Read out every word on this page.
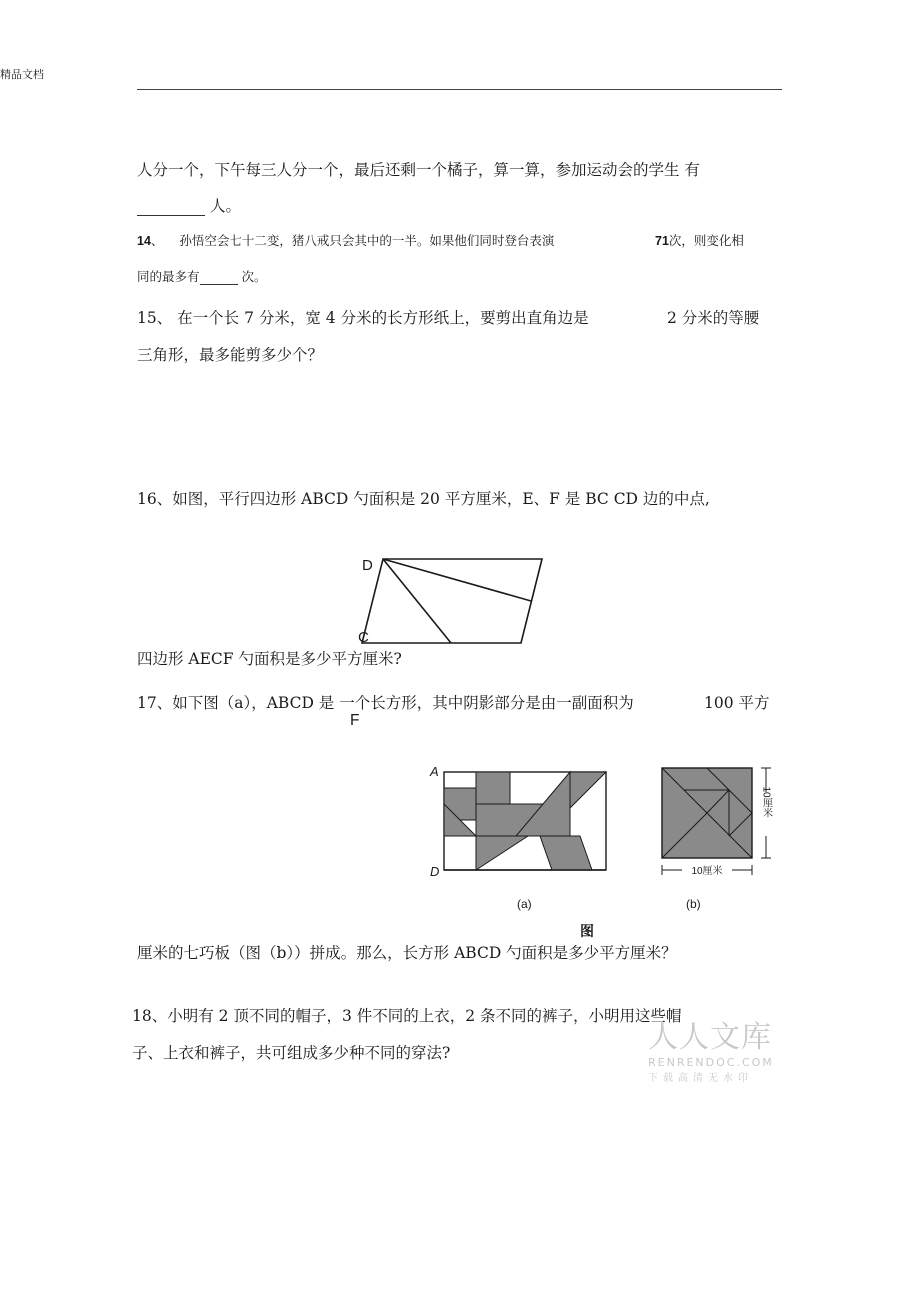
精品文档
人分一个，下午每三人分一个，最后还剩一个橘子，算一算，参加运动会的学生 有
人。
14、 孙悟空会七十二变，猪八戒只会其中的一半。如果他们同时登台表演	71次，则变化相
同的最多有	次。
15、 在一个长 7 分米，宽 4 分米的长方形纸上，要剪出直角边是	2 分米的等腰
三角形，最多能剪多少个？
16、如图，平行四边形 ABCD 勺面积是 20 平方厘米，E、F 是 BC CD 边的中点,
D
C
四边形 AECF 勺面积是多少平方厘米?
17、如下图（a），ABCD 是 一个长方形，其中阴影部分是由一副面积为	100 平方
F
A
D
(a)
10厘米
10厘米
(b)
图
厘米的七巧板（图（b））拼成。那么，长方形 ABCD 勺面积是多少平方厘米？
18、小明有 2 顶不同的帽子，3 件不同的上衣，2 条不同的裤子，小明用这些帽
子、上衣和裤子，共可组成多少种不同的穿法?	人人文库
RENRENDOC.COM
下载高清无水印
